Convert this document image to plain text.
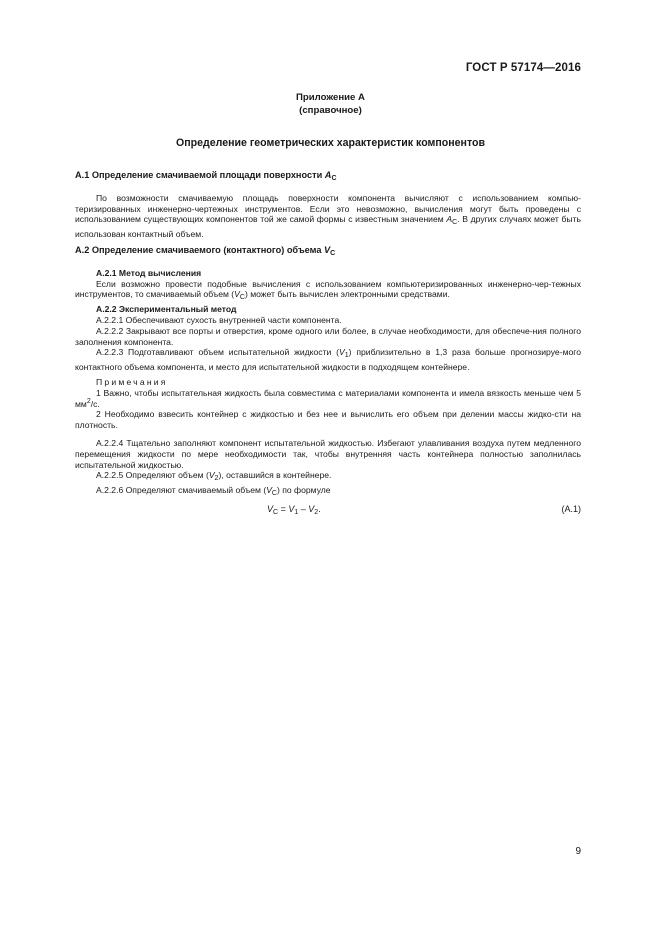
ГОСТ Р 57174—2016
Приложение А
(справочное)
Определение геометрических характеристик компонентов
А.1 Определение смачиваемой площади поверхности $A_C$

По возможности смачиваемую площадь поверхности компонента вычисляют с использованием компью-теризированных инженерно-чертежных инструментов. Если это невозможно, вычисления могут быть проведены с использованием существующих компонентов той же самой формы с известным значением $A_C$. В других случаях может быть использован контактный объем.

А.2 Определение смачиваемого (контактного) объема $V_C$

А.2.1 Метод вычисления

Если возможно провести подобные вычисления с использованием компьютеризированных инженерно-чер-тежных инструментов, то смачиваемый объем $(V_C)$ может быть вычислен электронными средствами.

А.2.2 Экспериментальный метод

А.2.2.1 Обеспечивают сухость внутренней части компонента.

А.2.2.2 Закрывают все порты и отверстия, кроме одного или более, в случае необходимости, для обеспече-ния полного заполнения компонента.

А.2.2.3 Подготавливают объем испытательной жидкости $(V_1)$ приблизительно в 1,3 раза больше прогнозируе-мого контактного объема компонента, и место для испытательной жидкости в подходящем контейнере.

Примечания

1 Важно, чтобы испытательная жидкость была совместима с материалами компонента и имела вязкость меньше чем 5 $мм^2/с$.

2 Необходимо взвесить контейнер с жидкостью и без нее и вычислить его объем при делении массы жидко-сти на плотность.

А.2.2.4 Тщательно заполняют компонент испытательной жидкостью. Избегают улавливания воздуха путем медленного перемещения жидкости по мере необходимости так, чтобы внутренняя часть контейнера полностью заполнилась испытательной жидкостью.

А.2.2.5 Определяют объем $(V_2)$, оставшийся в контейнере.

А.2.2.6 Определяют смачиваемый объем $(V_C)$ по формуле

$V_C = V_1 - V_2$.	(А.1)
9
